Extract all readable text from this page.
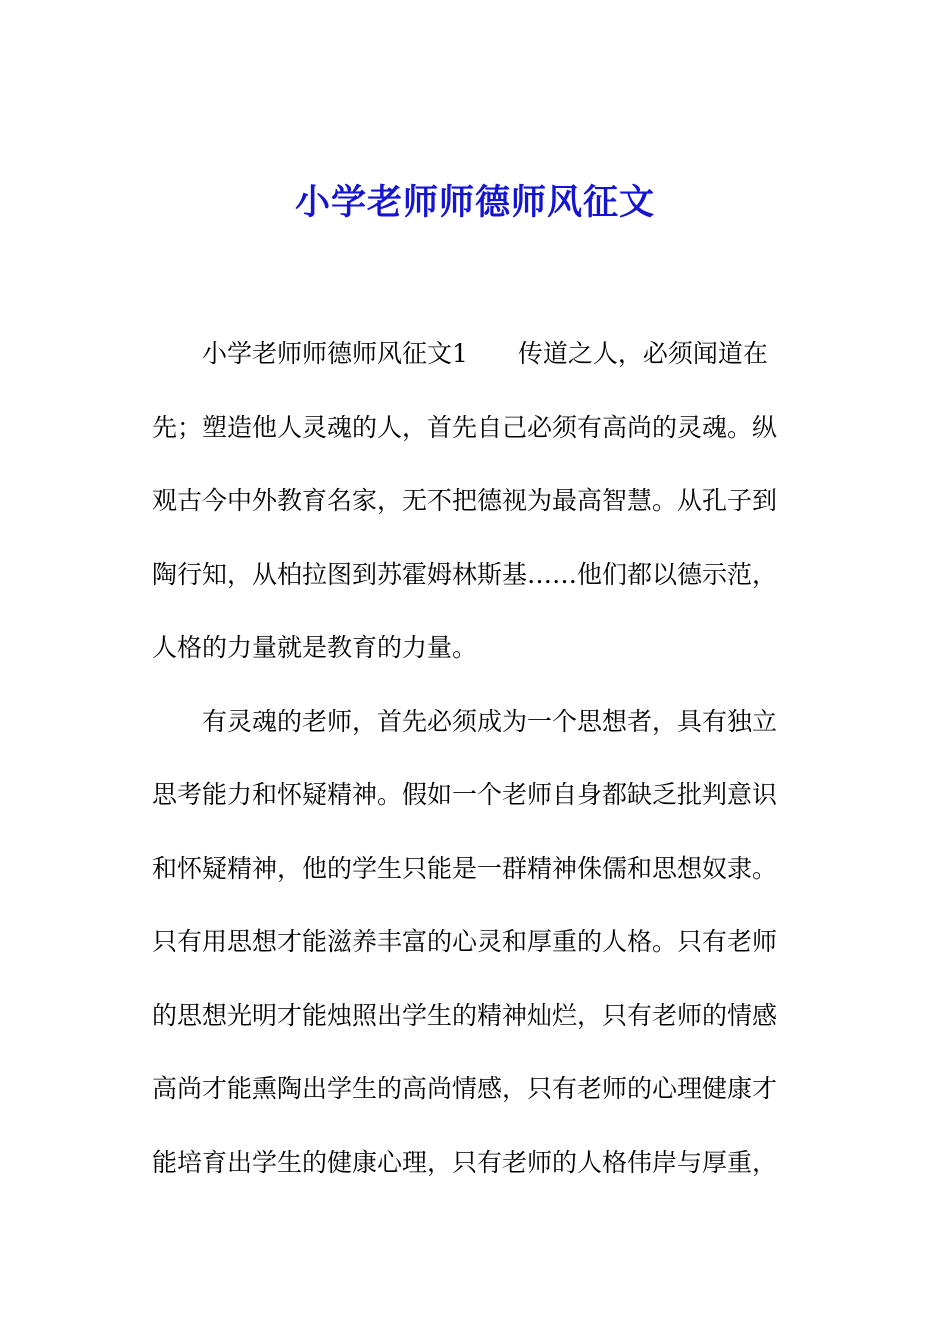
小学老师师德师风征文
小学老师师德师风征文1 传道之人，必须闻道在
先；塑造他人灵魂的人，首先自己必须有高尚的灵魂。纵
观古今中外教育名家，无不把德视为最高智慧。从孔子到
陶行知，从柏拉图到苏霍姆林斯基……他们都以德示范，
人格的力量就是教育的力量。
有灵魂的老师，首先必须成为一个思想者，具有独立
思考能力和怀疑精神。假如一个老师自身都缺乏批判意识
和怀疑精神，他的学生只能是一群精神侏儒和思想奴隶。
只有用思想才能滋养丰富的心灵和厚重的人格。只有老师
的思想光明才能烛照出学生的精神灿烂，只有老师的情感
高尚才能熏陶出学生的高尚情感，只有老师的心理健康才
能培育出学生的健康心理，只有老师的人格伟岸与厚重，
